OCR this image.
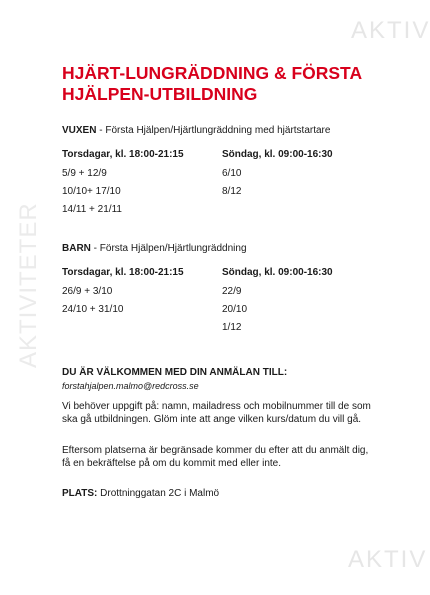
AKTIV
AKTIVITETER
AKTIV
HJÄRT-LUNGRÄDDNING & FÖRSTA
HJÄLPEN-UTBILDNING
VUXEN - Första Hjälpen/Hjärtlungräddning med hjärtstartare
Torsdagar, kl. 18:00-21:15
5/9 + 12/9
10/10+ 17/10
14/11 + 21/11
Söndag, kl. 09:00-16:30
6/10
8/12
BARN - Första Hjälpen/Hjärtlungräddning
Torsdagar, kl. 18:00-21:15
26/9 + 3/10
24/10 + 31/10
Söndag, kl. 09:00-16:30
22/9
20/10
1/12
DU ÄR VÄLKOMMEN MED DIN ANMÄLAN TILL:
forstahjalpen.malmo@redcross.se
Vi behöver uppgift på: namn, mailadress och mobilnummer till de som ska gå utbildningen. Glöm inte att ange vilken kurs/datum du vill gå.
Eftersom platserna är begränsade kommer du efter att du anmält dig, få en bekräftelse på om du kommit med eller inte.
PLATS: Drottninggatan 2C i Malmö
